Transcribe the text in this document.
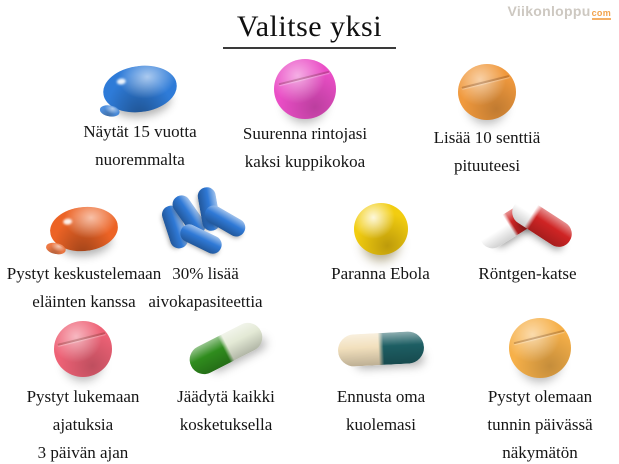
Valitse yksi	Viikonloppucom
Näytät 15 vuotta
nuoremmalta
Suurenna rintojasi
kaksi kuppikokoa
Lisää 10 senttiä
pituuteesi
Pystyt keskustelemaan
eläinten kanssa
30% lisää
aivokapasiteettia
Paranna Ebola	Röntgen-katse
Pystyt lukemaan
ajatuksia
3 päivän ajan
Jäädytä kaikki
kosketuksella
Ennusta oma
kuolemasi
Pystyt olemaan
tunnin päivässä
näkymätön
